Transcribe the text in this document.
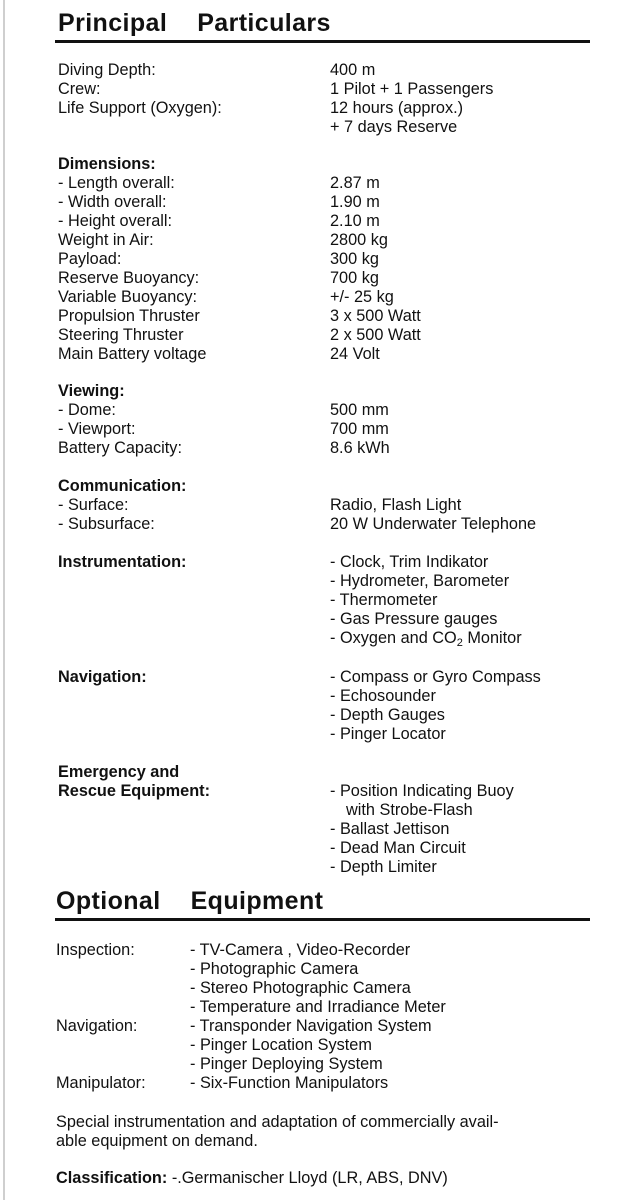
Principal Particulars
Diving Depth:	400 m
Crew:	1 Pilot + 1 Passengers
Life Support (Oxygen):	12 hours (approx.)
+ 7 days Reserve
Dimensions:
- Length overall:	2.87 m
- Width overall:	1.90 m
- Height overall:	2.10 m
Weight in Air:	2800 kg
Payload:	300 kg
Reserve Buoyancy:	700 kg
Variable Buoyancy:	+/- 25 kg
Propulsion Thruster	3 x 500 Watt
Steering Thruster	2 x 500 Watt
Main Battery voltage	24 Volt
Viewing:
- Dome:	500 mm
- Viewport:	700 mm
Battery Capacity:	8.6 kWh
Communication:
- Surface:	Radio, Flash Light
- Subsurface:	20 W Underwater Telephone
Instrumentation:	- Clock, Trim Indikator
- Hydrometer, Barometer
- Thermometer
- Gas Pressure gauges
- Oxygen and CO2 Monitor
Navigation:	- Compass or Gyro Compass
- Echosounder
- Depth Gauges
- Pinger Locator
Emergency and
Rescue Equipment:	- Position Indicating Buoy
with Strobe-Flash
- Ballast Jettison
- Dead Man Circuit
- Depth Limiter
Optional Equipment
Inspection:	- TV-Camera , Video-Recorder
- Photographic Camera
- Stereo Photographic Camera
- Temperature and Irradiance Meter
Navigation:	- Transponder Navigation System
- Pinger Location System
- Pinger Deploying System
Manipulator:	- Six-Function Manipulators
Special instrumentation and adaptation of commercially avail-
able equipment on demand.
Classification: -.Germanischer Lloyd (LR, ABS, DNV)
